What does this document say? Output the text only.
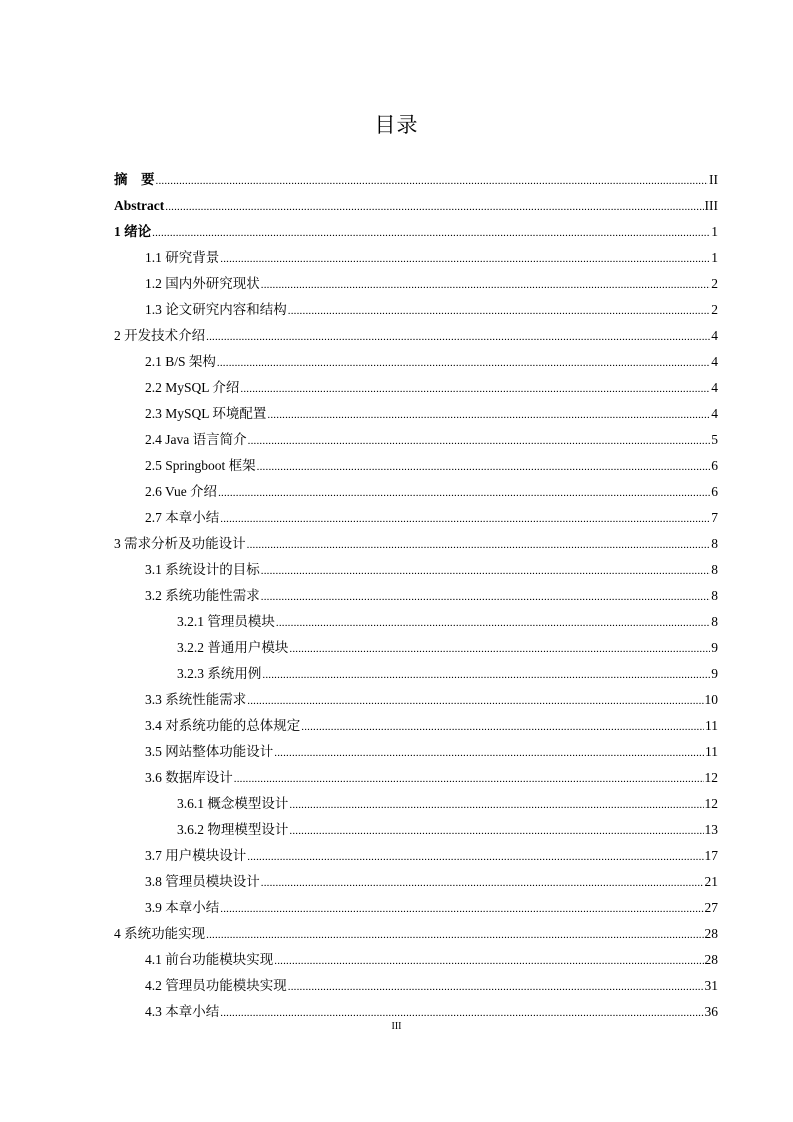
目录
摘　要 .....	II
Abstract .....	III
1 绪论 .....	1
1.1 研究背景 .....	1
1.2 国内外研究现状 .....	2
1.3 论文研究内容和结构 .....	2
2 开发技术介绍 .....	4
2.1 B/S 架构 .....	4
2.2 MySQL 介绍 .....	4
2.3 MySQL 环境配置 .....	4
2.4 Java 语言简介 .....	5
2.5 Springboot 框架 .....	6
2.6 Vue 介绍 .....	6
2.7 本章小结 .....	7
3 需求分析及功能设计 .....	8
3.1 系统设计的目标 .....	8
3.2 系统功能性需求 .....	8
3.2.1 管理员模块 .....	8
3.2.2 普通用户模块 .....	9
3.2.3 系统用例 .....	9
3.3 系统性能需求 .....	10
3.4 对系统功能的总体规定 .....	11
3.5 网站整体功能设计 .....	11
3.6 数据库设计 .....	12
3.6.1 概念模型设计 .....	12
3.6.2 物理模型设计 .....	13
3.7 用户模块设计 .....	17
3.8 管理员模块设计 .....	21
3.9 本章小结 .....	27
4 系统功能实现 .....	28
4.1 前台功能模块实现 .....	28
4.2 管理员功能模块实现 .....	31
4.3 本章小结 .....	36
III
